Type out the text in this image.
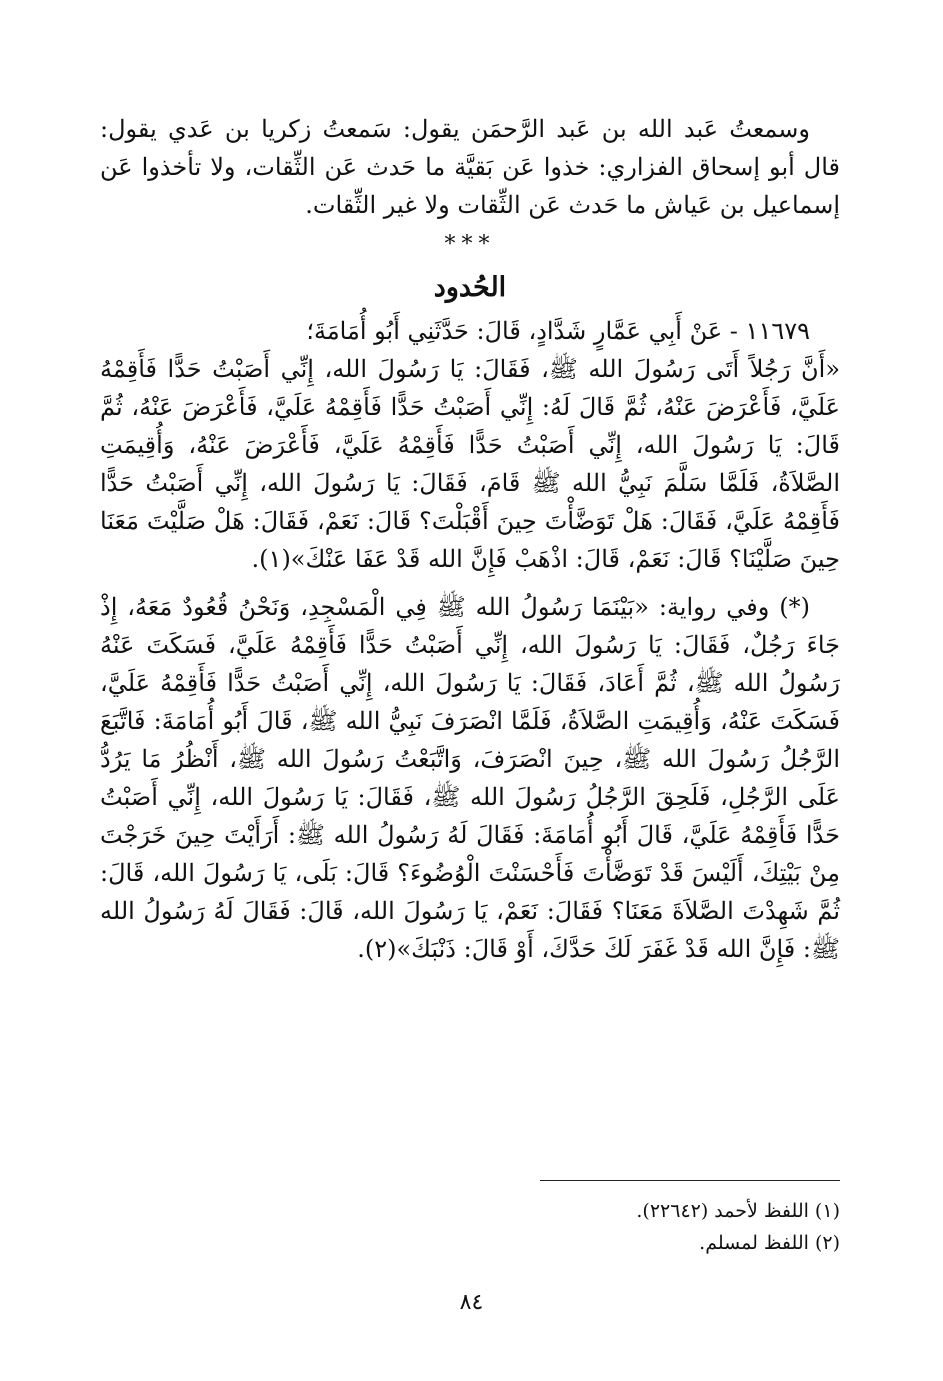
وسمعتُ عَبد الله بن عَبد الرَّحمَن يقول: سَمعتُ زكريا بن عَدي يقول: قال أبو إسحاق الفزاري: خذوا عَن بَقيَّة ما حَدث عَن الثِّقات، ولا تأخذوا عَن إسماعيل بن عَياش ما حَدث عَن الثِّقات ولا غير الثِّقات.

***
الحُدود

١١٦٧٩ - عَنْ أَبِي عَمَّارٍ شَدَّادٍ، قَالَ: حَدَّثَنِي أَبُو أُمَامَةَ؛

«أَنَّ رَجُلاً أَتَى رَسُولَ الله ﷺ، فَقَالَ: يَا رَسُولَ الله، إِنِّي أَصَبْتُ حَدًّا فَأَقِمْهُ عَلَيَّ، فَأَعْرَضَ عَنْهُ، ثُمَّ قَالَ لَهُ: إِنِّي أَصَبْتُ حَدًّا فَأَقِمْهُ عَلَيَّ، فَأَعْرَضَ عَنْهُ، ثُمَّ قَالَ: يَا رَسُولَ الله، إِنِّي أَصَبْتُ حَدًّا فَأَقِمْهُ عَلَيَّ، فَأَعْرَضَ عَنْهُ، وَأُقِيمَتِ الصَّلاَةُ، فَلَمَّا سَلَّمَ نَبِيُّ الله ﷺ قَامَ، فَقَالَ: يَا رَسُولَ الله، إِنِّي أَصَبْتُ حَدًّا فَأَقِمْهُ عَلَيَّ، فَقَالَ: هَلْ تَوَضَّأْتَ حِينَ أَقْبَلْتَ؟ قَالَ: نَعَمْ، فَقَالَ: هَلْ صَلَّيْتَ مَعَنَا حِينَ صَلَّيْنَا؟ قَالَ: نَعَمْ، قَالَ: اذْهَبْ فَإِنَّ الله قَدْ عَفَا عَنْكَ»(١).

(*) وفي رواية: «بَيْنَمَا رَسُولُ الله ﷺ فِي الْمَسْجِدِ، وَنَحْنُ قُعُودٌ مَعَهُ، إِذْ جَاءَ رَجُلٌ، فَقَالَ: يَا رَسُولَ الله، إِنِّي أَصَبْتُ حَدًّا فَأَقِمْهُ عَلَيَّ، فَسَكَتَ عَنْهُ رَسُولُ الله ﷺ، ثُمَّ أَعَادَ، فَقَالَ: يَا رَسُولَ الله، إِنِّي أَصَبْتُ حَدًّا فَأَقِمْهُ عَلَيَّ، فَسَكَتَ عَنْهُ، وَأُقِيمَتِ الصَّلاَةُ، فَلَمَّا انْصَرَفَ نَبِيُّ الله ﷺ، قَالَ أَبُو أُمَامَةَ: فَاتَّبَعَ الرَّجُلُ رَسُولَ الله ﷺ، حِينَ انْصَرَفَ، وَاتَّبَعْتُ رَسُولَ الله ﷺ، أَنْظُرُ مَا يَرُدُّ عَلَى الرَّجُلِ، فَلَحِقَ الرَّجُلُ رَسُولَ الله ﷺ، فَقَالَ: يَا رَسُولَ الله، إِنِّي أَصَبْتُ حَدًّا فَأَقِمْهُ عَلَيَّ، قَالَ أَبُو أُمَامَةَ: فَقَالَ لَهُ رَسُولُ الله ﷺ: أَرَأَيْتَ حِينَ خَرَجْتَ مِنْ بَيْتِكَ، أَلَيْسَ قَدْ تَوَضَّأْتَ فَأَحْسَنْتَ الْوُضُوءَ؟ قَالَ: بَلَى، يَا رَسُولَ الله، قَالَ: ثُمَّ شَهِدْتَ الصَّلاَةَ مَعَنَا؟ فَقَالَ: نَعَمْ، يَا رَسُولَ الله، قَالَ: فَقَالَ لَهُ رَسُولُ الله ﷺ: فَإِنَّ الله قَدْ غَفَرَ لَكَ حَدَّكَ، أَوْ قَالَ: ذَنْبَكَ»(٢).

(١) اللفظ لأحمد (٢٢٦٤٢).

(٢) اللفظ لمسلم.

٨٤
